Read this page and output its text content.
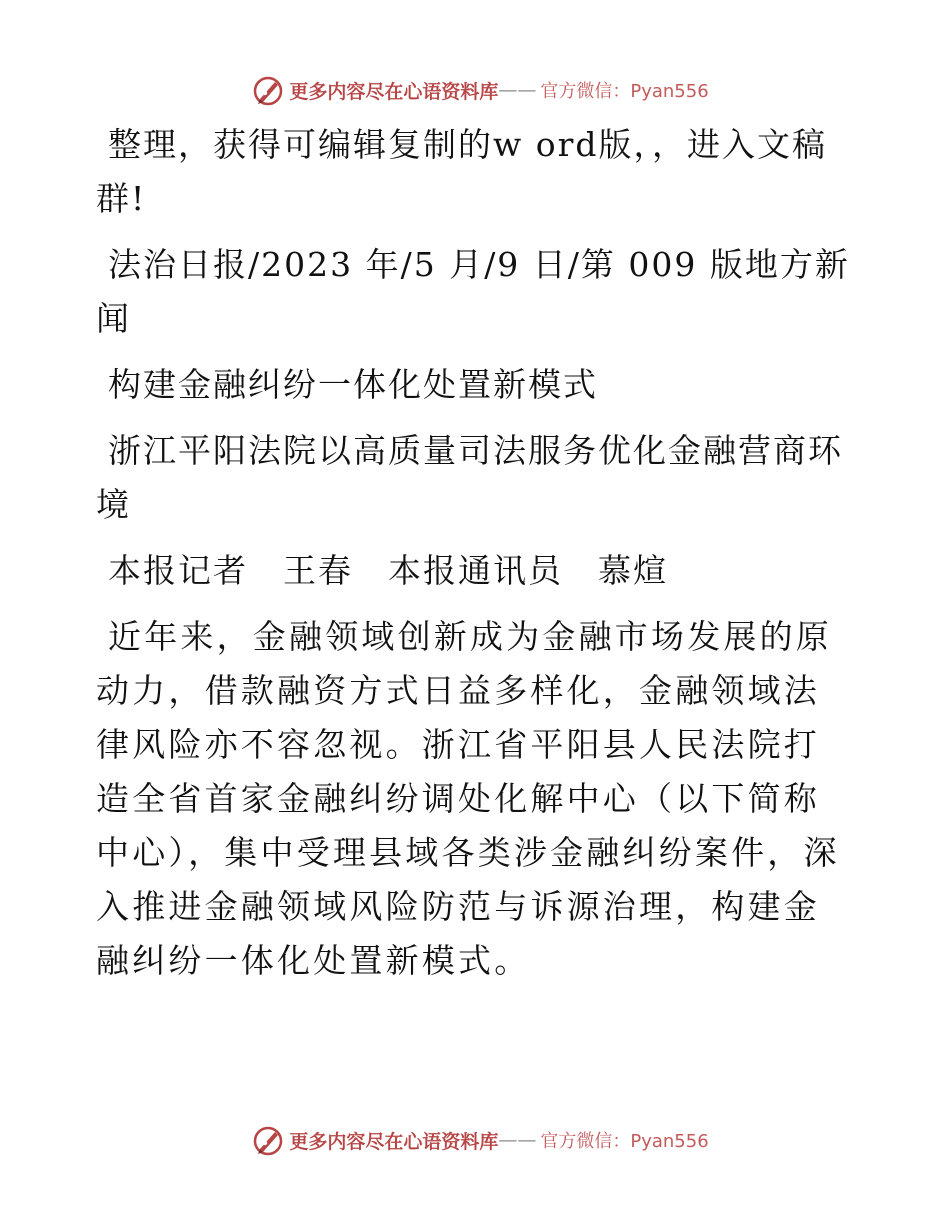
更多内容尽在心语资料库 —— 官方微信：Pyan556

整理，获得可编辑复制的w ord版，，进入文稿群!

法治日报/2023 年/5 月/9 日/第 009 版地方新闻

构建金融纠纷一体化处置新模式

浙江平阳法院以高质量司法服务优化金融营商环境

本报记者　王春　本报通讯员　慕煊

近年来，金融领域创新成为金融市场发展的原动力，借款融资方式日益多样化，金融领域法律风险亦不容忽视。浙江省平阳县人民法院打造全省首家金融纠纷调处化解中心（以下简称中心），集中受理县域各类涉金融纠纷案件，深入推进金融领域风险防范与诉源治理，构建金融纠纷一体化处置新模式。

更多内容尽在心语资料库 —— 官方微信：Pyan556
